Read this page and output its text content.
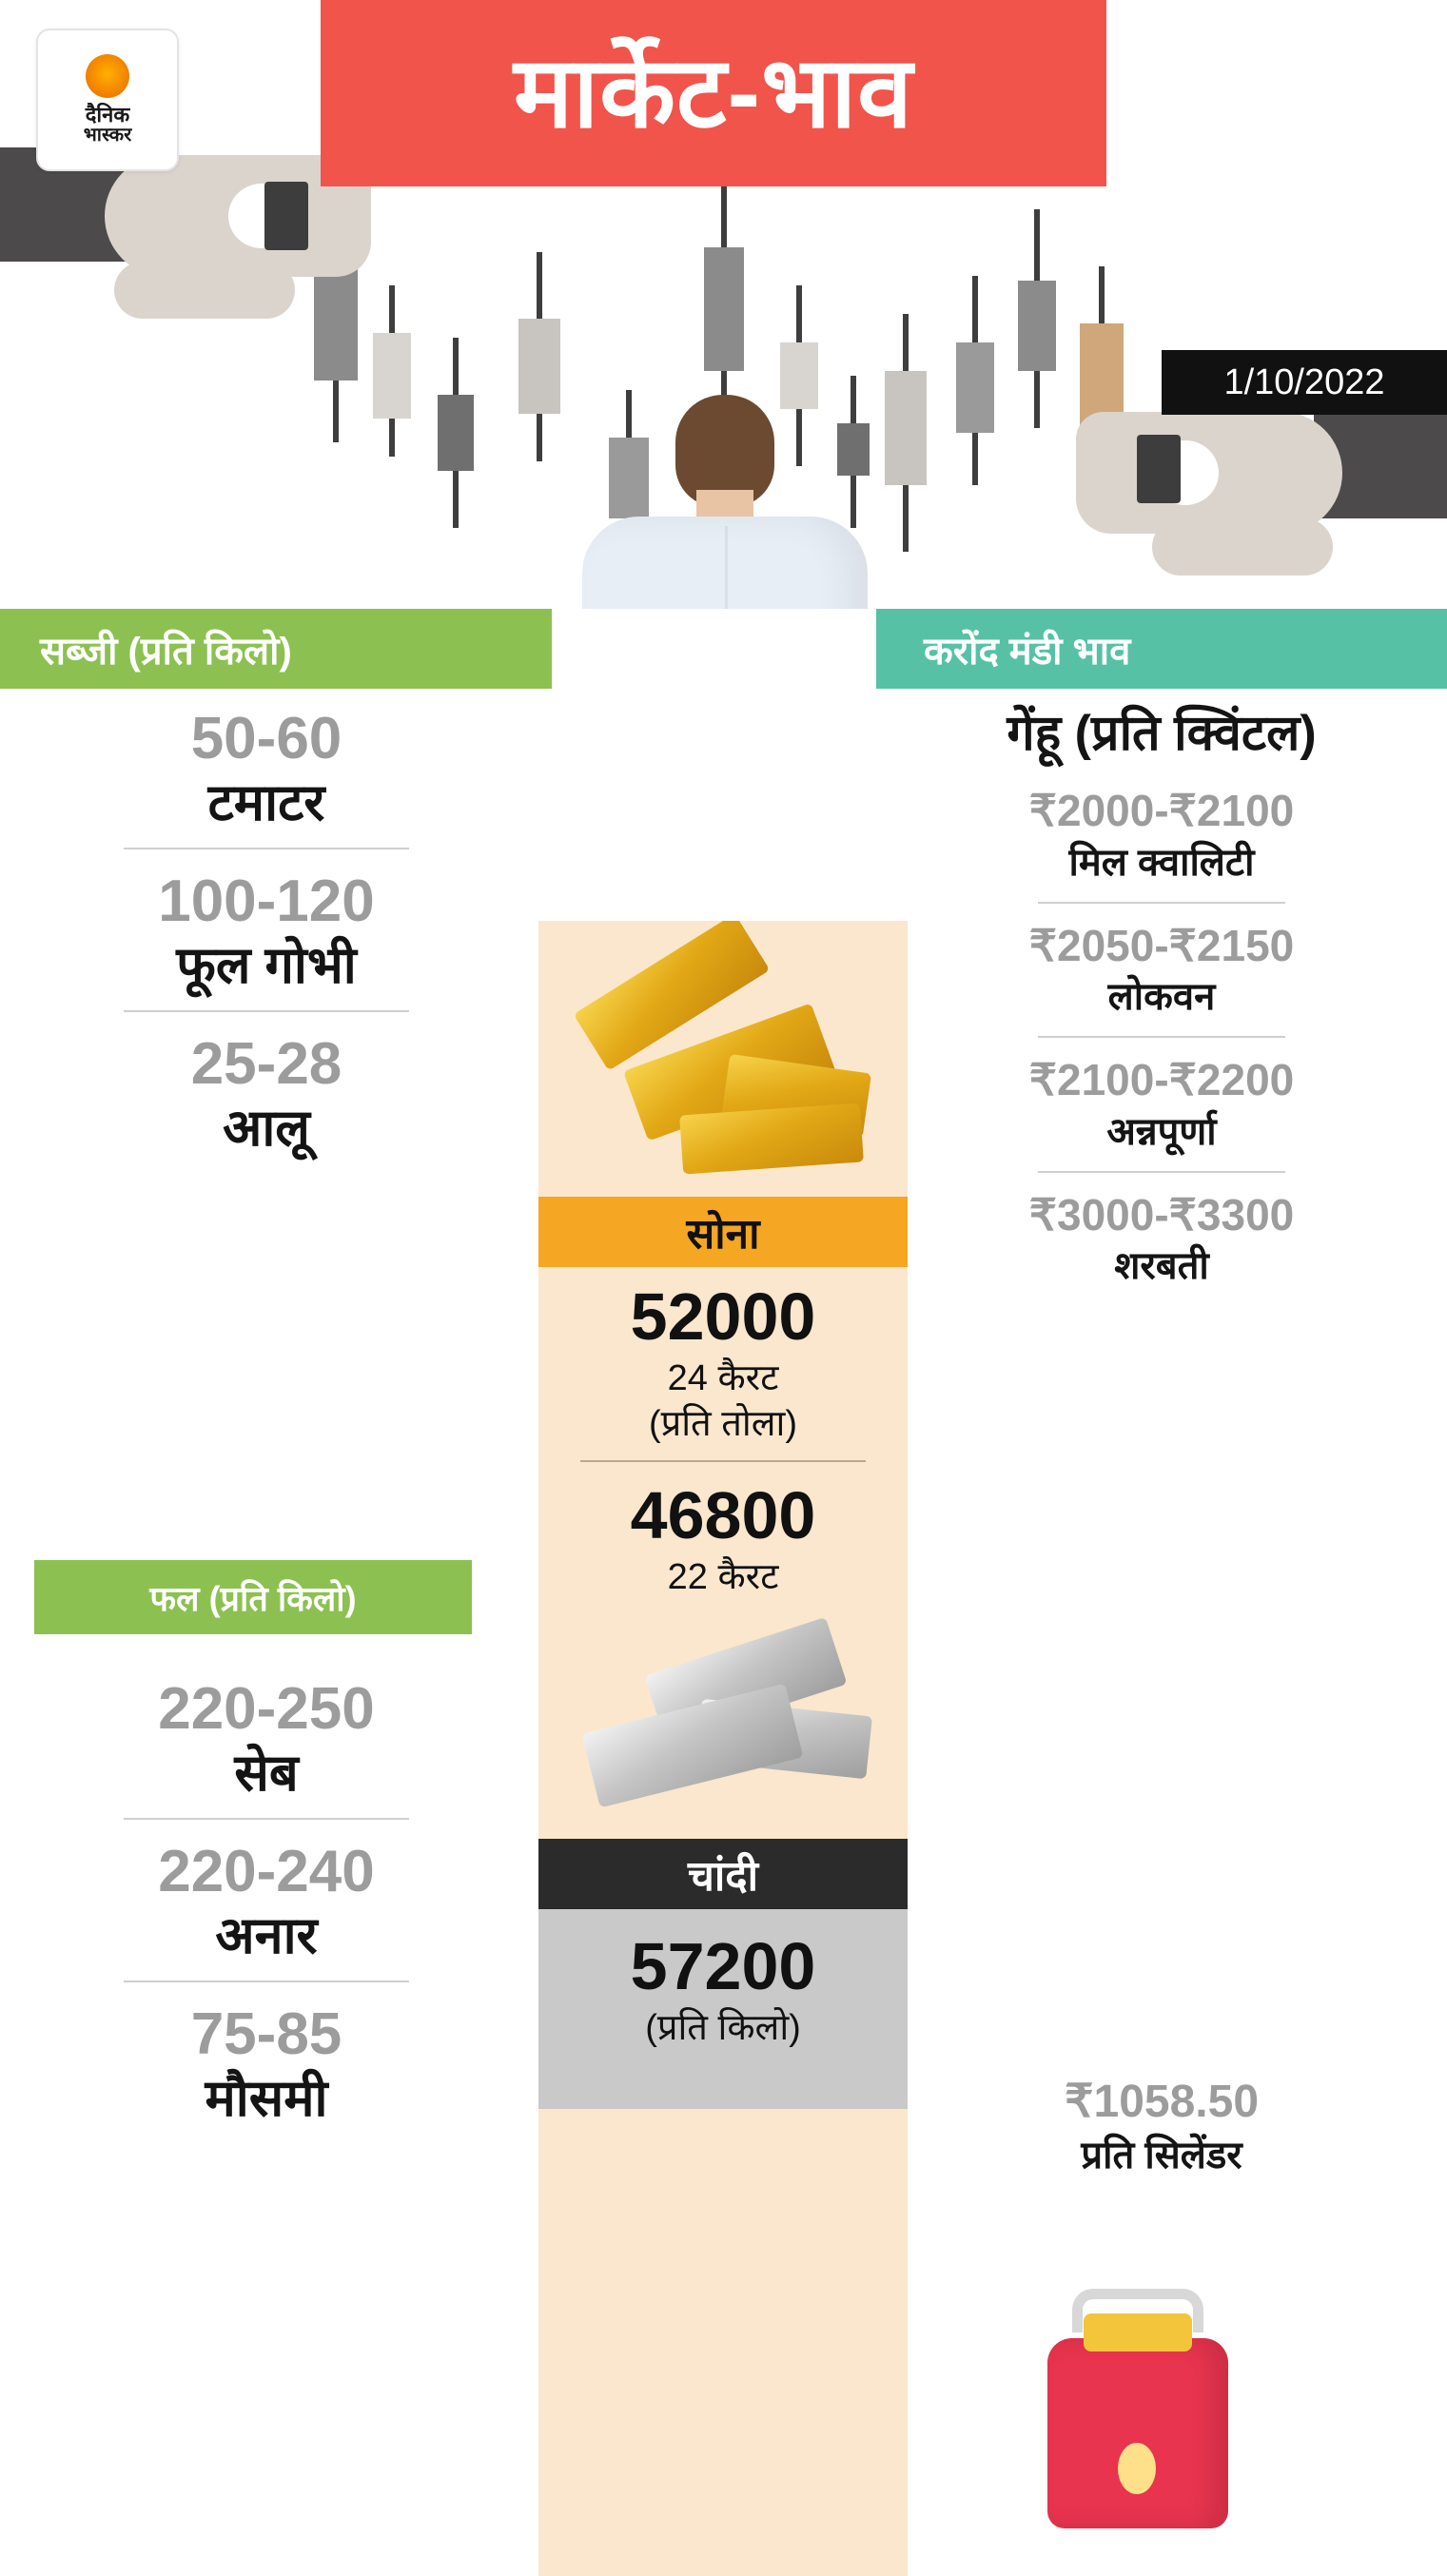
मार्केट-भाव
1/10/2022
दैनिक
भास्कर
सब्जी (प्रति किलो)	करोंद मंडी भाव
50-60
टमाटर
100-120
फूल गोभी
25-28
आलू
फल (प्रति किलो)
220-250
सेब
220-240
अनार
75-85
मौसमी
गेंहू (प्रति क्विंटल)
₹2000-₹2100
मिल क्वालिटी
₹2050-₹2150
लोकवन
₹2100-₹2200
अन्नपूर्णा
₹3000-₹3300
शरबती
₹1058.50
प्रति सिलेंडर
सोना
52000
24 कैरट
(प्रति तोला)
46800
22 कैरट
चांदी
57200
(प्रति किलो)
